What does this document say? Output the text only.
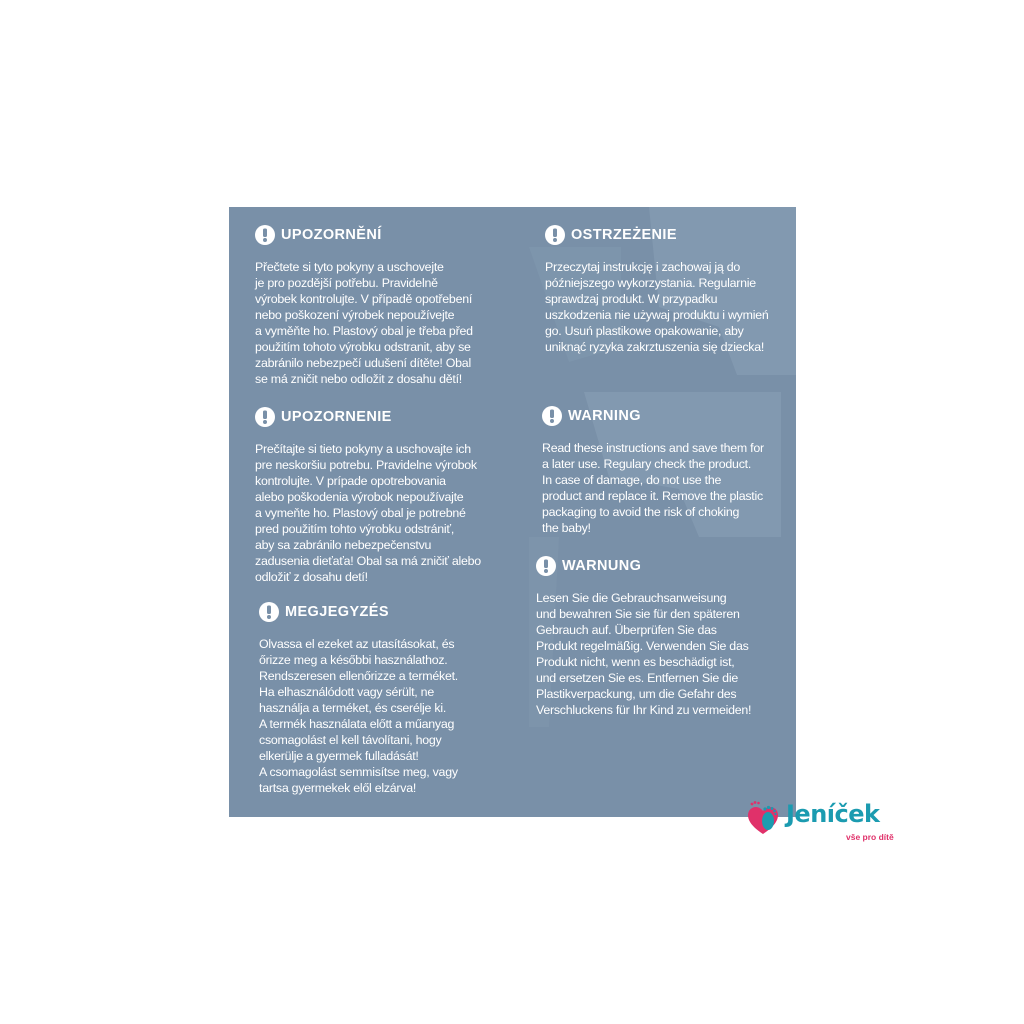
UPOZORNĚNÍ
Přečtete si tyto pokyny a uschovejte
je pro pozdější potřebu. Pravidelně
výrobek kontrolujte. V případě opotřebení
nebo poškození výrobek nepoužívejte
a vyměňte ho. Plastový obal je třeba před
použitím tohoto výrobku odstranit, aby se
zabránilo nebezpečí udušení dítěte! Obal
se má zničit nebo odložit z dosahu dětí!
UPOZORNENIE
Prečítajte si tieto pokyny a uschovajte ich
pre neskoršiu potrebu. Pravidelne výrobok
kontrolujte. V prípade opotrebovania
alebo poškodenia výrobok nepoužívajte
a vymeňte ho. Plastový obal je potrebné
pred použitím tohto výrobku odstrániť,
aby sa zabránilo nebezpečenstvu
zadusenia dieťaťa! Obal sa má zničiť alebo
odložiť z dosahu detí!
MEGJEGYZÉS
Olvassa el ezeket az utasításokat, és
őrizze meg a későbbi használathoz.
Rendszeresen ellenőrizze a terméket.
Ha elhasználódott vagy sérült, ne
használja a terméket, és cserélje ki.
A termék használata előtt a műanyag
csomagolást el kell távolítani, hogy
elkerülje a gyermek fulladását!
A csomagolást semmisítse meg, vagy
tartsa gyermekek elől elzárva!
OSTRZEŻENIE
Przeczytaj instrukcję i zachowaj ją do
późniejszego wykorzystania. Regularnie
sprawdzaj produkt. W przypadku
uszkodzenia nie używaj produktu i wymień
go. Usuń plastikowe opakowanie, aby
uniknąć ryzyka zakrztuszenia się dziecka!
WARNING
Read these instructions and save them for
a later use. Regulary check the product.
In case of damage, do not use the
product and replace it. Remove the plastic
packaging to avoid the risk of choking
the baby!
WARNUNG
Lesen Sie die Gebrauchsanweisung
und bewahren Sie sie für den späteren
Gebrauch auf. Überprüfen Sie das
Produkt regelmäßig. Verwenden Sie das
Produkt nicht, wenn es beschädigt ist,
und ersetzen Sie es. Entfernen Sie die
Plastikverpackung, um die Gefahr des
Verschluckens für Ihr Kind zu vermeiden!
Jeníček
vše pro dítě
